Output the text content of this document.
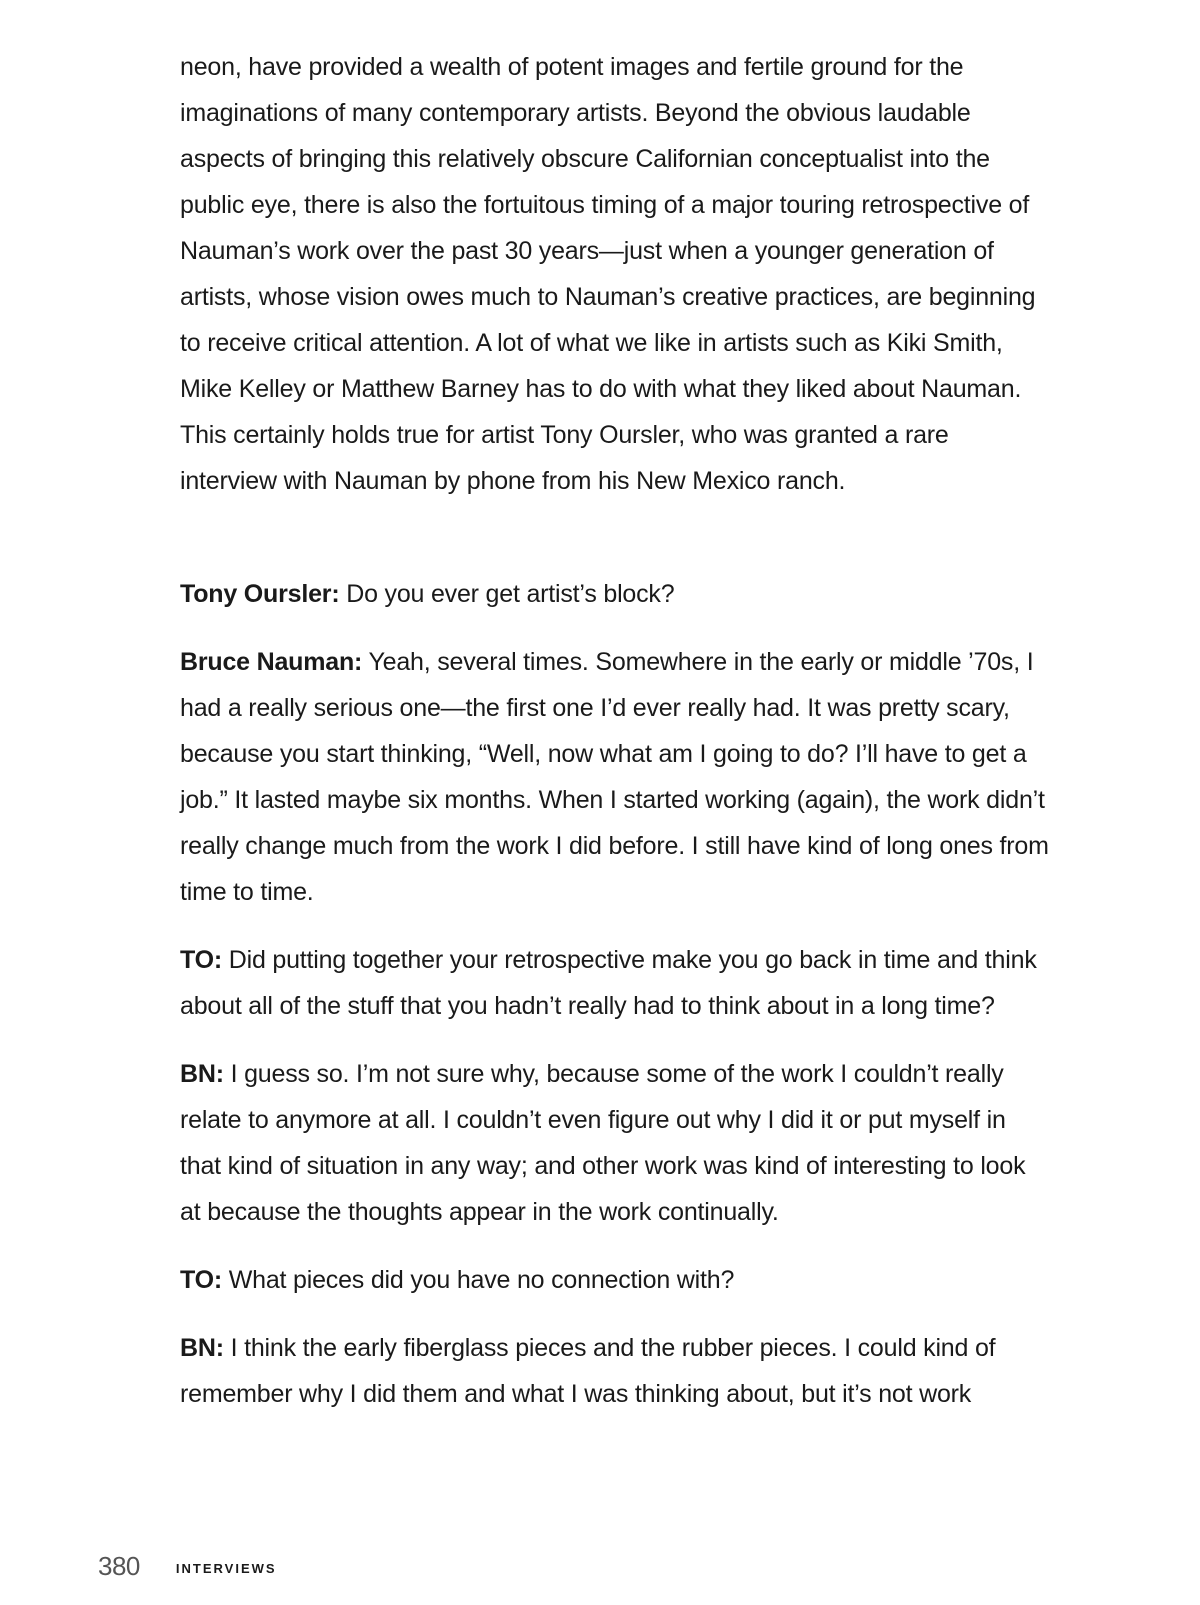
neon, have provided a wealth of potent images and fertile ground for the imaginations of many contemporary artists. Beyond the obvious laudable aspects of bringing this relatively obscure Californian conceptualist into the public eye, there is also the fortuitous timing of a major touring retrospective of Nauman’s work over the past 30 years—just when a younger generation of artists, whose vision owes much to Nauman’s creative practices, are beginning to receive critical attention. A lot of what we like in artists such as Kiki Smith, Mike Kelley or Matthew Barney has to do with what they liked about Nauman. This certainly holds true for artist Tony Oursler, who was granted a rare interview with Nauman by phone from his New Mexico ranch.

Tony Oursler: Do you ever get artist’s block?

Bruce Nauman: Yeah, several times. Somewhere in the early or middle ’70s, I had a really serious one—the first one I’d ever really had. It was pretty scary, because you start thinking, “Well, now what am I going to do? I’ll have to get a job.” It lasted maybe six months. When I started working (again), the work didn’t really change much from the work I did before. I still have kind of long ones from time to time.

TO: Did putting together your retrospective make you go back in time and think about all of the stuff that you hadn’t really had to think about in a long time?

BN: I guess so. I’m not sure why, because some of the work I couldn’t really relate to anymore at all. I couldn’t even figure out why I did it or put myself in that kind of situation in any way; and other work was kind of interesting to look at because the thoughts appear in the work continually.

TO: What pieces did you have no connection with?

BN: I think the early fiberglass pieces and the rubber pieces. I could kind of remember why I did them and what I was thinking about, but it’s not work

380	INTERVIEWS
